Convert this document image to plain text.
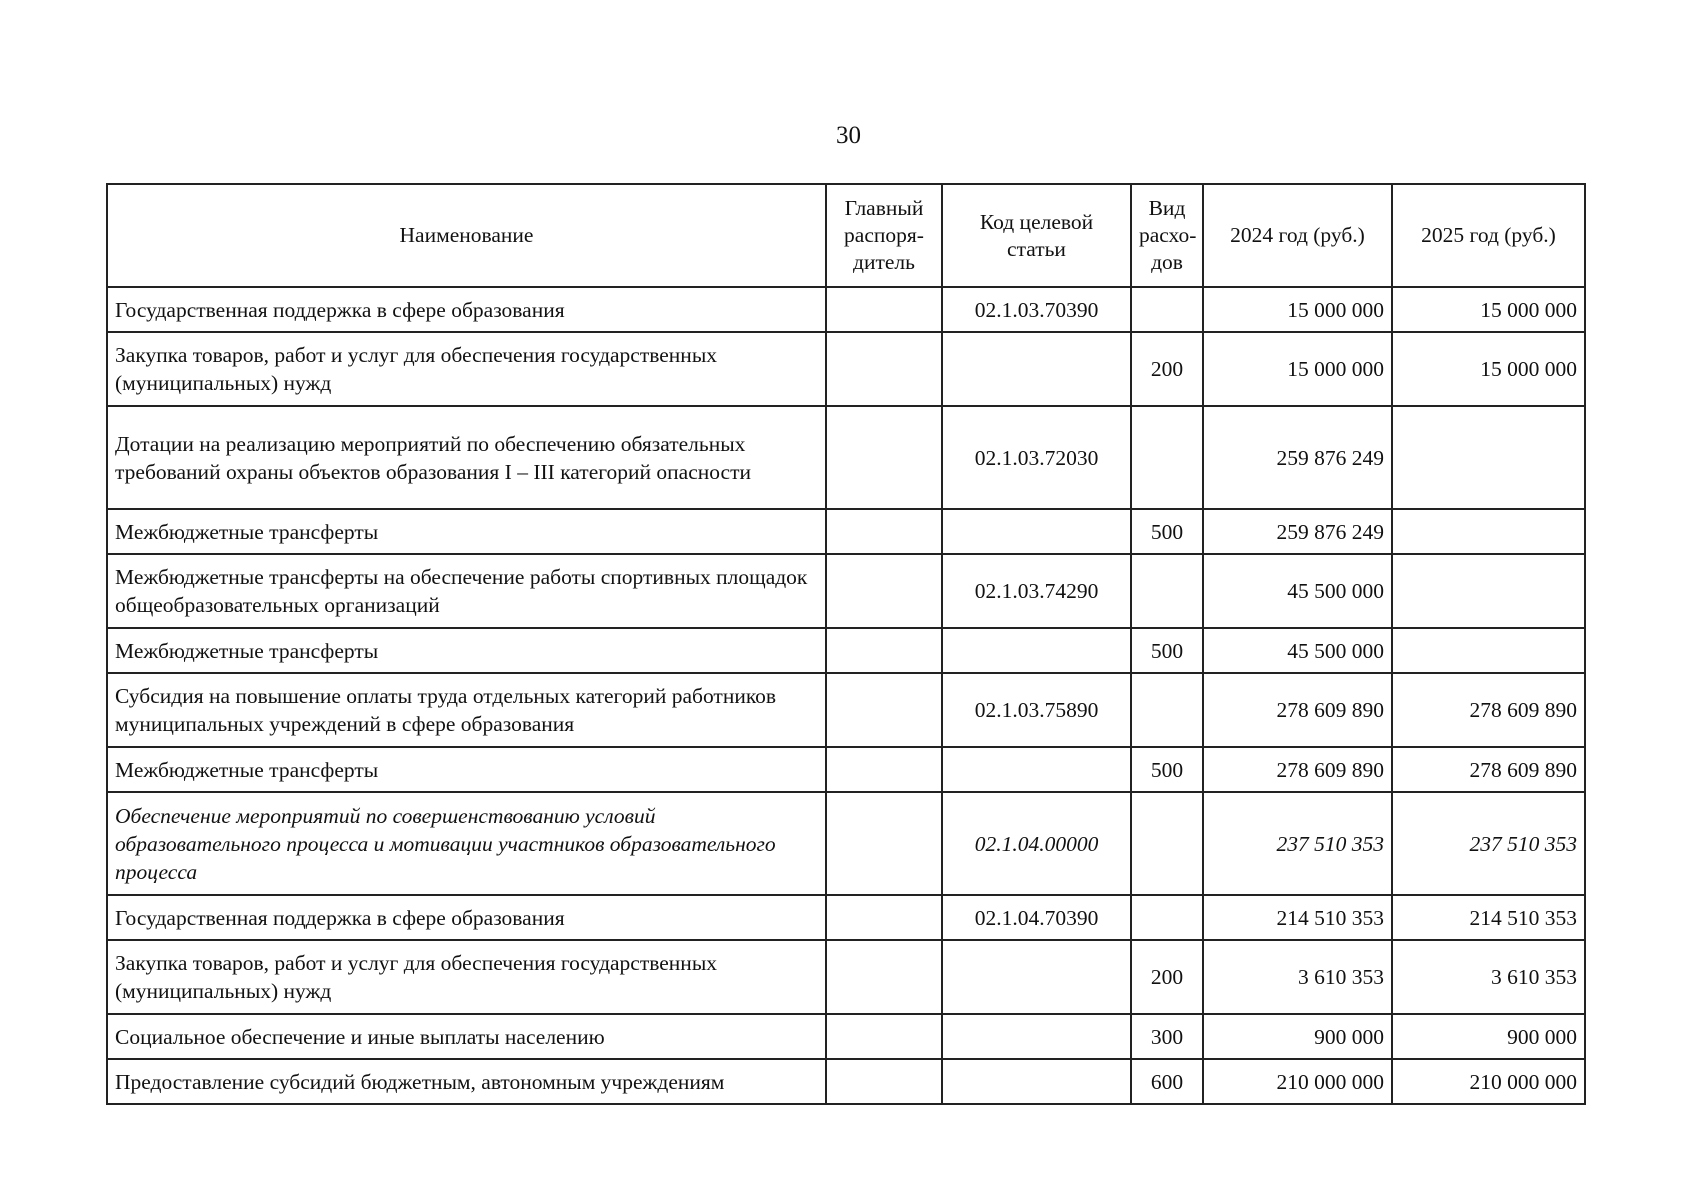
30
Наименование	Главный распоря-дитель	Код целевой статьи	Вид расхо-дов	2024 год (руб.)	2025 год (руб.)
Государственная поддержка в сфере образования		02.1.03.70390		15 000 000	15 000 000
Закупка товаров, работ и услуг для обеспечения государственных (муниципальных) нужд			200	15 000 000	15 000 000
Дотации на реализацию мероприятий по обеспечению обязательных требований охраны объектов образования I – III категорий опасности		02.1.03.72030		259 876 249	
Межбюджетные трансферты			500	259 876 249	
Межбюджетные трансферты на обеспечение работы спортивных площадок общеобразовательных организаций		02.1.03.74290		45 500 000	
Межбюджетные трансферты			500	45 500 000	
Субсидия на повышение оплаты труда отдельных категорий работников муниципальных учреждений в сфере образования		02.1.03.75890		278 609 890	278 609 890
Межбюджетные трансферты			500	278 609 890	278 609 890
Обеспечение мероприятий по совершенствованию условий образовательного процесса и мотивации участников образовательного процесса		02.1.04.00000		237 510 353	237 510 353
Государственная поддержка в сфере образования		02.1.04.70390		214 510 353	214 510 353
Закупка товаров, работ и услуг для обеспечения государственных (муниципальных) нужд			200	3 610 353	3 610 353
Социальное обеспечение и иные выплаты населению			300	900 000	900 000
Предоставление субсидий бюджетным, автономным учреждениям			600	210 000 000	210 000 000
